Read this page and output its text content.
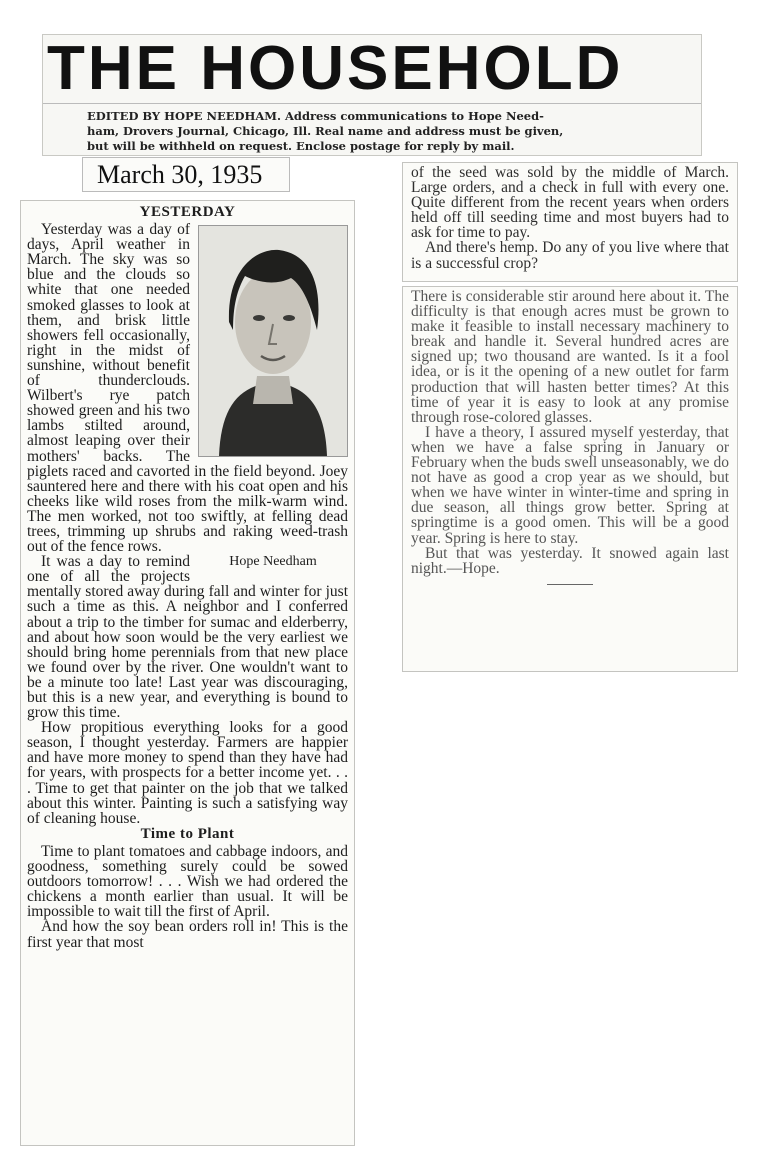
THE HOUSEHOLD
EDITED BY HOPE NEEDHAM. Address communications to Hope Need-
ham, Drovers Journal, Chicago, Ill. Real name and address must be given,
but will be withheld on request. Enclose postage for reply by mail.
March 30, 1935
YESTERDAY

Yesterday was a day of days, April weather in March. The sky was so blue and the clouds so white that one needed smoked glasses to look at them, and brisk little showers fell occasionally, right in the midst of sunshine, without benefit of thunderclouds. Wilbert's rye patch showed green and his two lambs stilted around, almost leaping over their mothers' backs. The piglets raced and cavorted in the field beyond. Joey sauntered here and there with his coat open and his cheeks like wild roses from the milk-warm wind. The men worked, not too swiftly, at felling dead trees, trimming up shrubs and raking weed-trash out of the fence rows.

Hope Needham

It was a day to remind one of all the projects mentally stored away during fall and winter for just such a time as this. A neighbor and I conferred about a trip to the timber for sumac and elderberry, and about how soon would be the very earliest we should bring home perennials from that new place we found over by the river. One wouldn't want to be a minute too late! Last year was discouraging, but this is a new year, and everything is bound to grow this time.

How propitious everything looks for a good season, I thought yesterday. Farmers are happier and have more money to spend than they have had for years, with prospects for a better income yet. . . . Time to get that painter on the job that we talked about this winter. Painting is such a satisfying way of cleaning house.

Time to Plant

Time to plant tomatoes and cabbage indoors, and goodness, something surely could be sowed outdoors tomorrow! . . . Wish we had ordered the chickens a month earlier than usual. It will be impossible to wait till the first of April.

And how the soy bean orders roll in! This is the first year that most

of the seed was sold by the middle of March. Large orders, and a check in full with every one. Quite different from the recent years when orders held off till seeding time and most buyers had to ask for time to pay.

And there's hemp. Do any of you live where that is a successful crop?

There is considerable stir around here about it. The difficulty is that enough acres must be grown to make it feasible to install necessary machinery to break and handle it. Several hundred acres are signed up; two thousand are wanted. Is it a fool idea, or is it the opening of a new outlet for farm production that will hasten better times? At this time of year it is easy to look at any promise through rose-colored glasses.

I have a theory, I assured myself yesterday, that when we have a false spring in January or February when the buds swell unseasonably, we do not have as good a crop year as we should, but when we have winter in winter-time and spring in due season, all things grow better. Spring at springtime is a good omen. This will be a good year. Spring is here to stay.

But that was yesterday. It snowed again last night.—Hope.
